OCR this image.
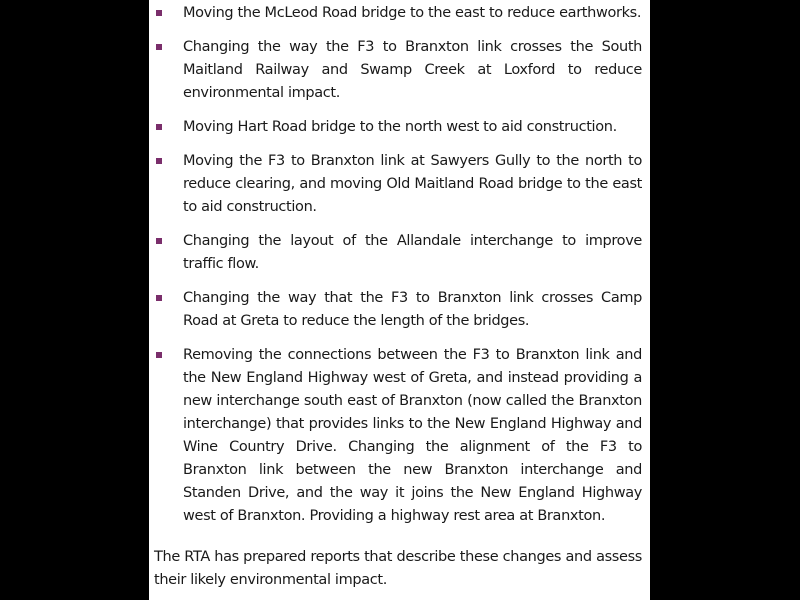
Moving the McLeod Road bridge to the east to reduce earthworks.
Changing the way the F3 to Branxton link crosses the South Maitland Railway and Swamp Creek at Loxford to reduce environmental impact.
Moving Hart Road bridge to the north west to aid construction.
Moving the F3 to Branxton link at Sawyers Gully to the north to reduce clearing, and moving Old Maitland Road bridge to the east to aid construction.
Changing the layout of the Allandale interchange to improve traffic flow.
Changing the way that the F3 to Branxton link crosses Camp Road at Greta to reduce the length of the bridges.
Removing the connections between the F3 to Branxton link and the New England Highway west of Greta, and instead providing a new interchange south east of Branxton (now called the Branxton interchange) that provides links to the New England Highway and Wine Country Drive. Changing the alignment of the F3 to Branxton link between the new Branxton interchange and Standen Drive, and the way it joins the New England Highway west of Branxton. Providing a highway rest area at Branxton.

The RTA has prepared reports that describe these changes and assess their likely environmental impact.
